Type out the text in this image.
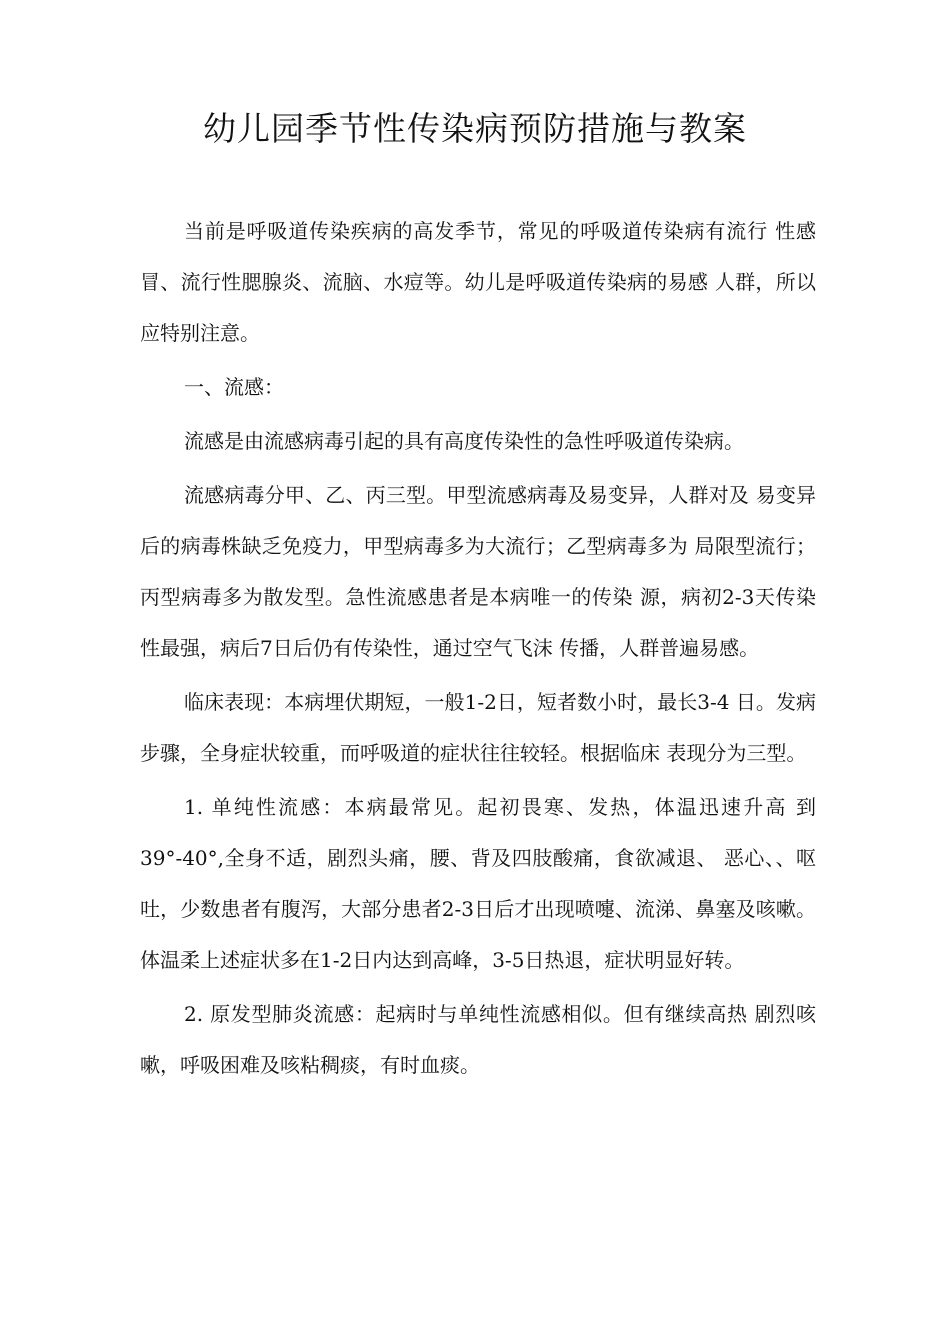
幼儿园季节性传染病预防措施与教案

当前是呼吸道传染疾病的高发季节，常见的呼吸道传染病有流行 性感冒、流行性腮腺炎、流脑、水痘等。幼儿是呼吸道传染病的易感 人群，所以应特别注意。

一、流感：

流感是由流感病毒引起的具有高度传染性的急性呼吸道传染病。

流感病毒分甲、乙、丙三型。甲型流感病毒及易变异，人群对及 易变异后的病毒株缺乏免疫力，甲型病毒多为大流行；乙型病毒多为 局限型流行；丙型病毒多为散发型。急性流感患者是本病唯一的传染 源，病初2-3天传染性最强，病后7日后仍有传染性，通过空气飞沫 传播，人群普遍易感。

临床表现：本病埋伏期短，一般1-2日，短者数小时，最长3-4 日。发病步骤，全身症状较重，而呼吸道的症状往往较轻。根据临床 表现分为三型。

1. 单纯性流感：本病最常见。起初畏寒、发热，体温迅速升高 到39°-40°,全身不适，剧烈头痛，腰、背及四肢酸痛，食欲减退、 恶心、、呕吐，少数患者有腹泻，大部分患者2-3日后才出现喷嚏、流涕、鼻塞及咳嗽。体温柔上述症状多在1-2日内达到高峰，3-5日热退，症状明显好转。

2. 原发型肺炎流感：起病时与单纯性流感相似。但有继续高热 剧烈咳嗽，呼吸困难及咳粘稠痰，有时血痰。
